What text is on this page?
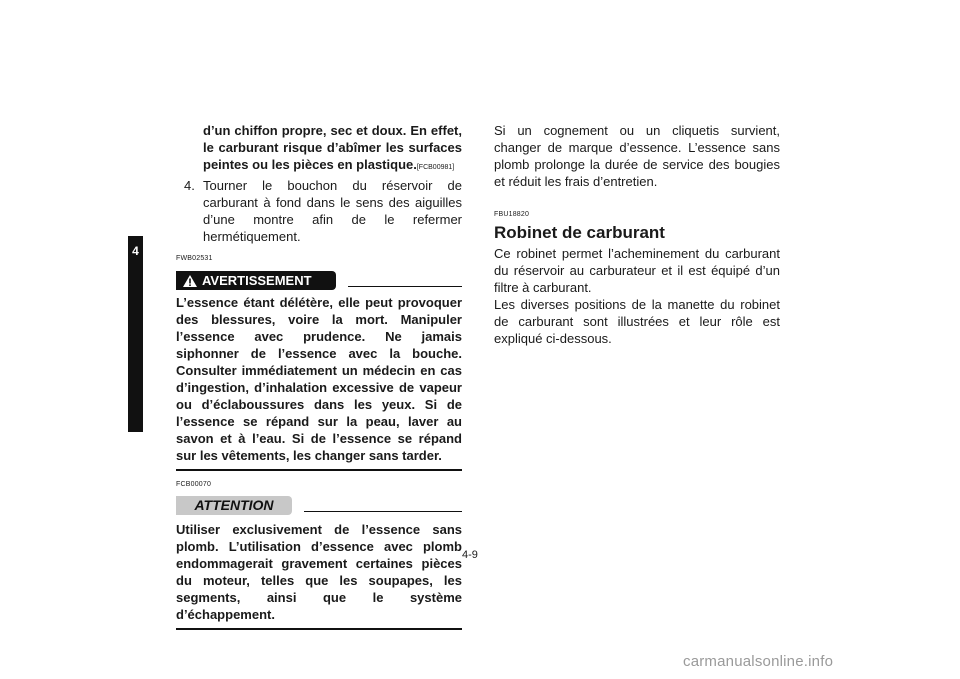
4
d’un chiffon propre, sec et doux. En effet, le carburant risque d’abîmer les surfaces peintes ou les pièces en plastique.[FCB00981]
4. Tourner le bouchon du réservoir de carburant à fond dans le sens des aiguilles d’une montre afin de le refermer hermétiquement.
FWB02531
AVERTISSEMENT
L’essence étant délétère, elle peut provoquer des blessures, voire la mort. Manipuler l’essence avec prudence. Ne jamais siphonner de l’essence avec la bouche. Consulter immédiatement un médecin en cas d’ingestion, d’inhalation excessive de vapeur ou d’éclaboussures dans les yeux. Si de l’essence se répand sur la peau, laver au savon et à l’eau. Si de l’essence se répand sur les vêtements, les changer sans tarder.
FCB00070
ATTENTION
Utiliser exclusivement de l’essence sans plomb. L’utilisation d’essence avec plomb endommagerait gravement certaines pièces du moteur, telles que les soupapes, les segments, ainsi que le système d’échappement.
Si un cognement ou un cliquetis survient, changer de marque d’essence. L’essence sans plomb prolonge la durée de service des bougies et réduit les frais d’entretien.
FBU18820
Robinet de carburant
Ce robinet permet l’acheminement du carburant du réservoir au carburateur et il est équipé d’un filtre à carburant.
Les diverses positions de la manette du robinet de carburant sont illustrées et leur rôle est expliqué ci-dessous.
4-9
carmanualsonline.info
